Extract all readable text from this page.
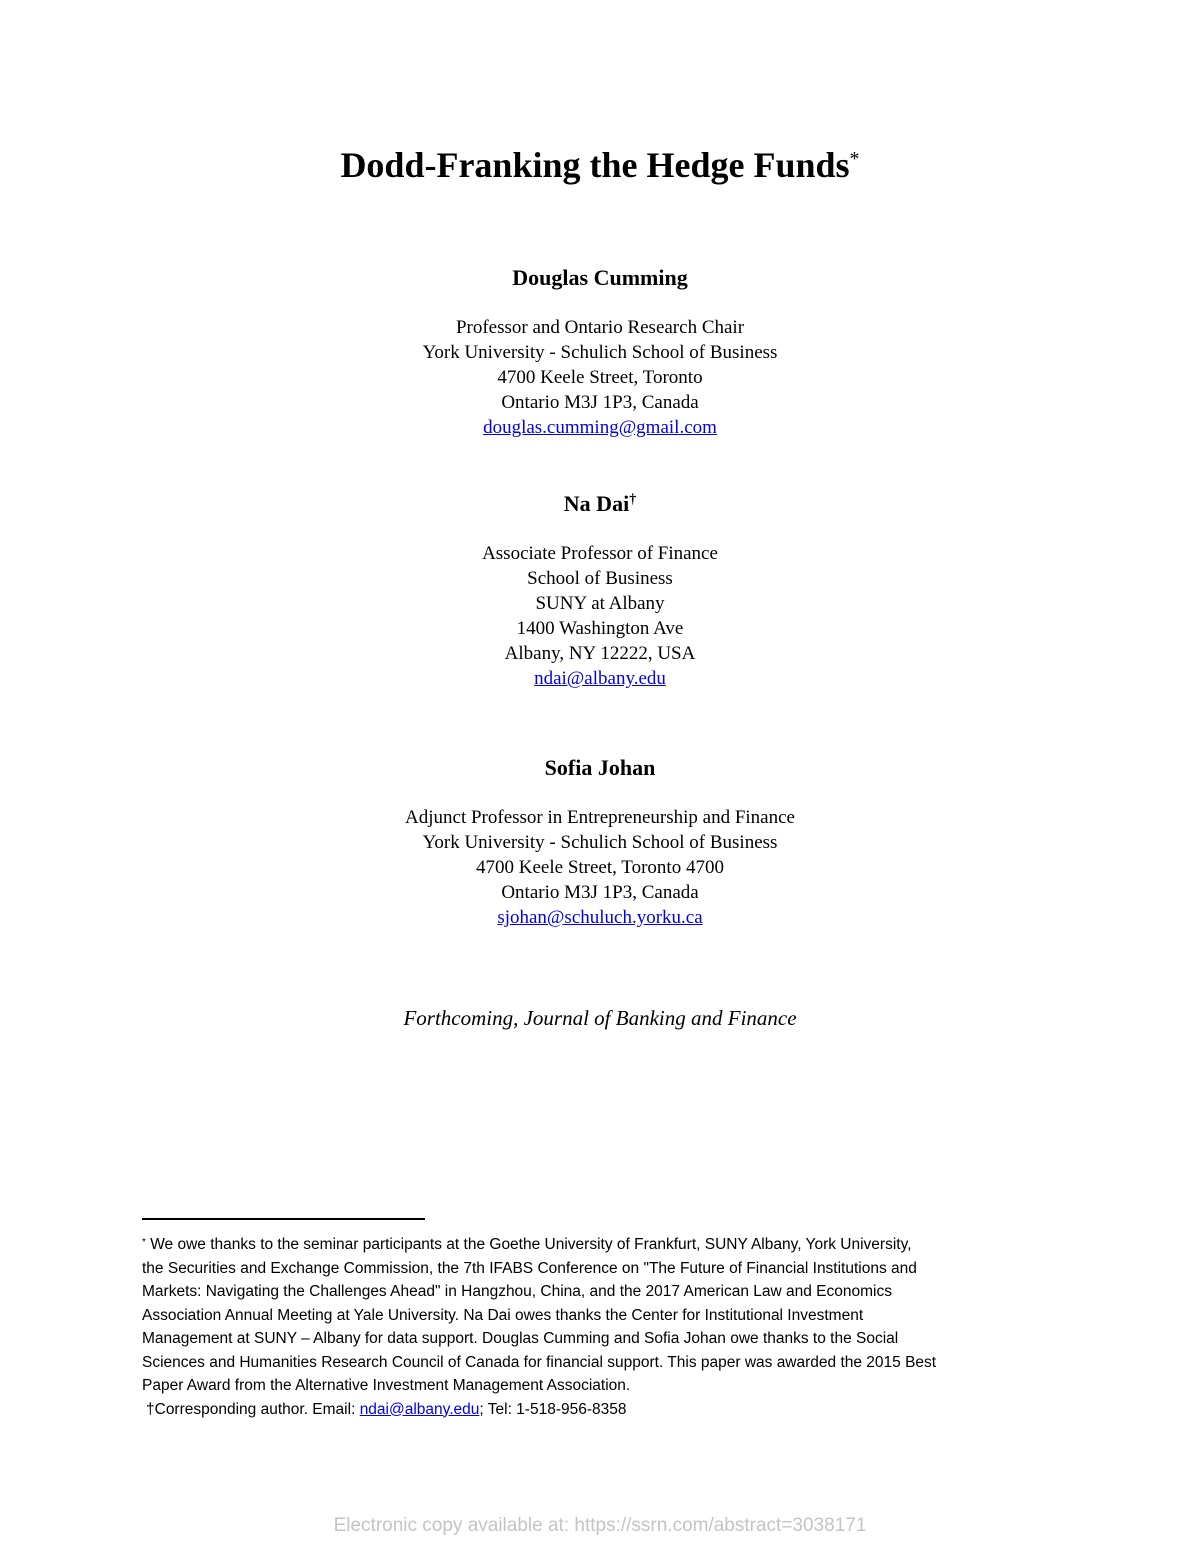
Dodd-Franking the Hedge Funds*
Douglas Cumming
Professor and Ontario Research Chair
York University - Schulich School of Business
4700 Keele Street, Toronto
Ontario M3J 1P3, Canada
douglas.cumming@gmail.com
Na Dai†
Associate Professor of Finance
School of Business
SUNY at Albany
1400 Washington Ave
Albany, NY 12222, USA
ndai@albany.edu
Sofia Johan
Adjunct Professor in Entrepreneurship and Finance
York University - Schulich School of Business
4700 Keele Street, Toronto 4700
Ontario M3J 1P3, Canada
sjohan@schuluch.yorku.ca
Forthcoming, Journal of Banking and Finance
* We owe thanks to the seminar participants at the Goethe University of Frankfurt, SUNY Albany, York University,
the Securities and Exchange Commission, the 7th IFABS Conference on "The Future of Financial Institutions and
Markets: Navigating the Challenges Ahead" in Hangzhou, China, and the 2017 American Law and Economics
Association Annual Meeting at Yale University. Na Dai owes thanks the Center for Institutional Investment
Management at SUNY – Albany for data support. Douglas Cumming and Sofia Johan owe thanks to the Social
Sciences and Humanities Research Council of Canada for financial support. This paper was awarded the 2015 Best
Paper Award from the Alternative Investment Management Association.
†Corresponding author. Email: ndai@albany.edu; Tel: 1-518-956-8358
Electronic copy available at: https://ssrn.com/abstract=3038171
